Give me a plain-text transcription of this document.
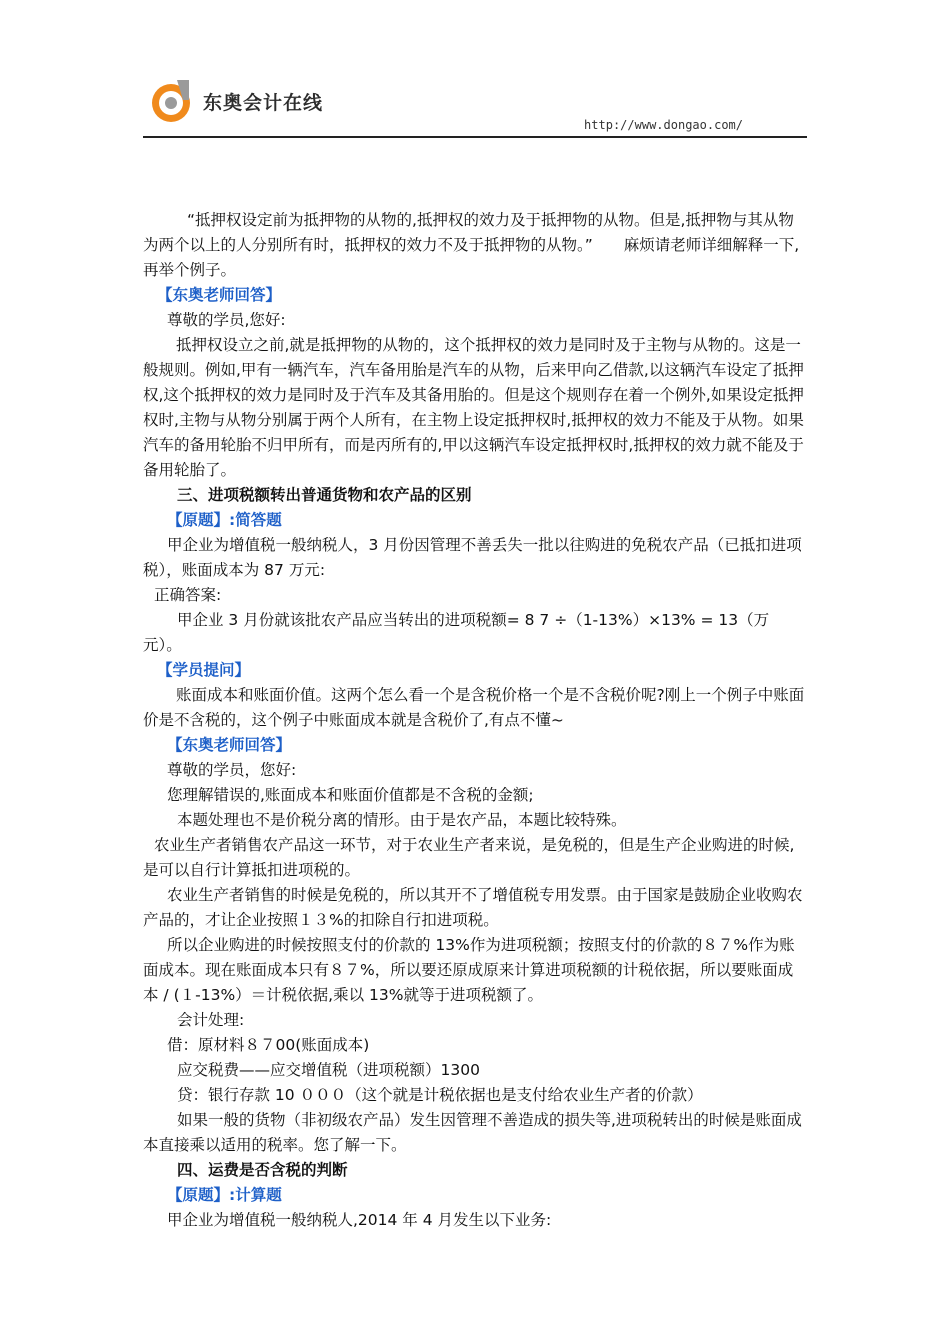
东奥会计在线
http://www.dongao.com/

“抵押权设定前为抵押物的从物的,抵押权的效力及于抵押物的从物。但是,抵押物与其从物为两个以上的人分别所有时，抵押权的效力不及于抵押物的从物。”　　麻烦请老师详细解释一下,再举个例子。

【东奥老师回答】

尊敬的学员,您好:

抵押权设立之前,就是抵押物的从物的，这个抵押权的效力是同时及于主物与从物的。这是一般规则。例如,甲有一辆汽车，汽车备用胎是汽车的从物，后来甲向乙借款,以这辆汽车设定了抵押权,这个抵押权的效力是同时及于汽车及其备用胎的。但是这个规则存在着一个例外,如果设定抵押权时,主物与从物分别属于两个人所有，在主物上设定抵押权时,抵押权的效力不能及于从物。如果汽车的备用轮胎不归甲所有，而是丙所有的,甲以这辆汽车设定抵押权时,抵押权的效力就不能及于备用轮胎了。

三、进项税额转出普通货物和农产品的区别

【原题】:简答题

甲企业为增值税一般纳税人，3 月份因管理不善丢失一批以往购进的免税农产品（已抵扣进项税），账面成本为 87 万元:

正确答案:

甲企业 3 月份就该批农产品应当转出的进项税额= 8 7 ÷（1-13%）×13% = 13（万元）。

【学员提问】

账面成本和账面价值。这两个怎么看一个是含税价格一个是不含税价呢?刚上一个例子中账面价是不含税的，这个例子中账面成本就是含税价了,有点不懂~

【东奥老师回答】

尊敬的学员，您好:

您理解错误的,账面成本和账面价值都是不含税的金额;

本题处理也不是价税分离的情形。由于是农产品，本题比较特殊。

农业生产者销售农产品这一环节，对于农业生产者来说，是免税的，但是生产企业购进的时候,是可以自行计算抵扣进项税的。

农业生产者销售的时候是免税的，所以其开不了增值税专用发票。由于国家是鼓励企业收购农产品的，才让企业按照１３%的扣除自行扣进项税。

所以企业购进的时候按照支付的价款的 13%作为进项税额；按照支付的价款的８７%作为账面成本。现在账面成本只有８７%，所以要还原成原来计算进项税额的计税依据，所以要账面成本 / (１-13%）＝计税依据,乘以 13%就等于进项税额了。

会计处理:

借：原材料８７00(账面成本)

应交税费——应交增值税（进项税额）1300

贷：银行存款 10 ０００（这个就是计税依据也是支付给农业生产者的价款）

如果一般的货物（非初级农产品）发生因管理不善造成的损失等,进项税转出的时候是账面成本直接乘以适用的税率。您了解一下。

四、运费是否含税的判断

【原题】:计算题

甲企业为增值税一般纳税人,2014 年 4 月发生以下业务:
